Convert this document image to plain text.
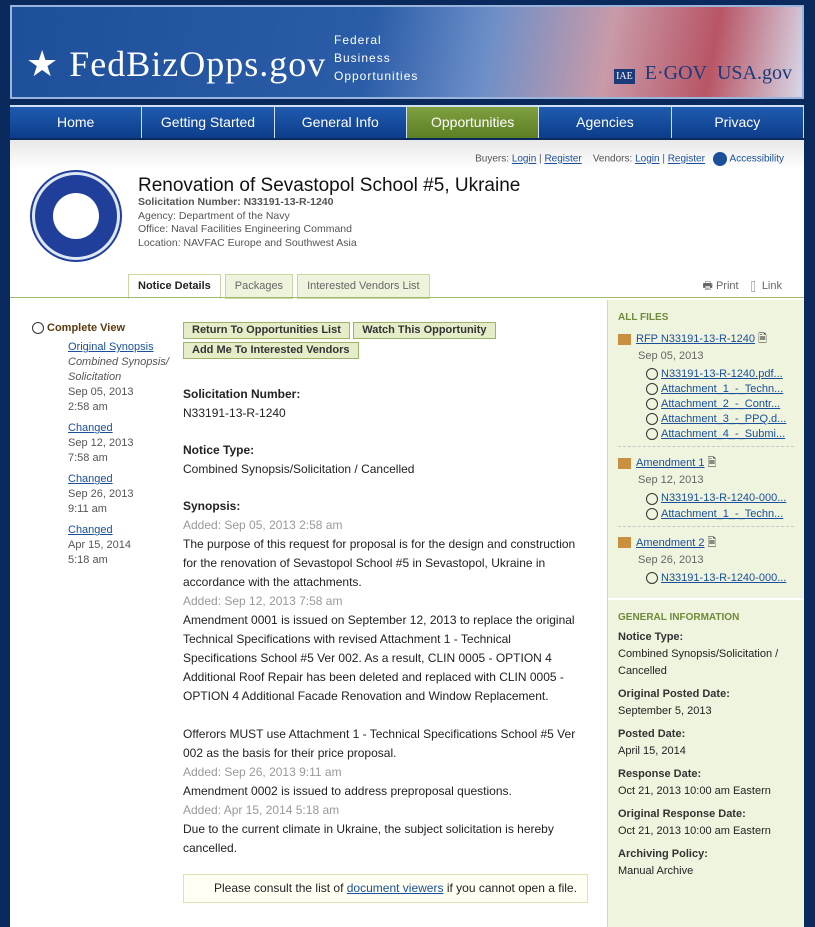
★ FedBizOpps.gov
Federal
Business
Opportunities	IAE E·GOV USA.gov
Home	Getting Started	General Info	Opportunities	Agencies	Privacy
Buyers: Login | Register Vendors: Login | Register Accessibility
Renovation of Sevastopol School #5, Ukraine
Solicitation Number: N33191-13-R-1240
Agency: Department of the Navy
Office: Naval Facilities Engineering Command
Location: NAVFAC Europe and Southwest Asia
Notice Details	Packages	Interested Vendors List	🖶 Print ▯ Link
Complete View
Original Synopsis
Combined Synopsis/ Solicitation
Sep 05, 2013
2:58 am
Changed
Sep 12, 2013
7:58 am
Changed
Sep 26, 2013
9:11 am
Changed
Apr 15, 2014
5:18 am
Return To Opportunities List Watch This Opportunity
Add Me To Interested Vendors
Solicitation Number:
N33191-13-R-1240
Notice Type:
Combined Synopsis/Solicitation / Cancelled
Synopsis:
Added: Sep 05, 2013 2:58 am
The purpose of this request for proposal is for the design and construction for the renovation of Sevastopol School #5 in Sevastopol, Ukraine in accordance with the attachments.
Added: Sep 12, 2013 7:58 am
Amendment 0001 is issued on September 12, 2013 to replace the original Technical Specifications with revised Attachment 1 - Technical Specifications School #5 Ver 002. As a result, CLIN 0005 - OPTION 4 Additional Roof Repair has been deleted and replaced with CLIN 0005 - OPTION 4 Additional Facade Renovation and Window Replacement.
Offerors MUST use Attachment 1 - Technical Specifications School #5 Ver 002 as the basis for their price proposal.
Added: Sep 26, 2013 9:11 am
Amendment 0002 is issued to address preproposal questions.
Added: Apr 15, 2014 5:18 am
Due to the current climate in Ukraine, the subject solicitation is hereby cancelled.
Please consult the list of document viewers if you cannot open a file.
ALL FILES
RFP N33191-13-R-1240 🗎
Sep 05, 2013
N33191-13-R-1240.pdf...
Attachment_1_-_Techn...
Attachment_2_-_Contr...
Attachment_3_-_PPQ.d...
Attachment_4_-_Submi...
Amendment 1 🗎
Sep 12, 2013
N33191-13-R-1240-000...
Attachment_1_-_Techn...
Amendment 2 🗎
Sep 26, 2013
N33191-13-R-1240-000...
GENERAL INFORMATION
Notice Type:
Combined Synopsis/Solicitation / Cancelled
Original Posted Date:
September 5, 2013
Posted Date:
April 15, 2014
Response Date:
Oct 21, 2013 10:00 am Eastern
Original Response Date:
Oct 21, 2013 10:00 am Eastern
Archiving Policy:
Manual Archive
